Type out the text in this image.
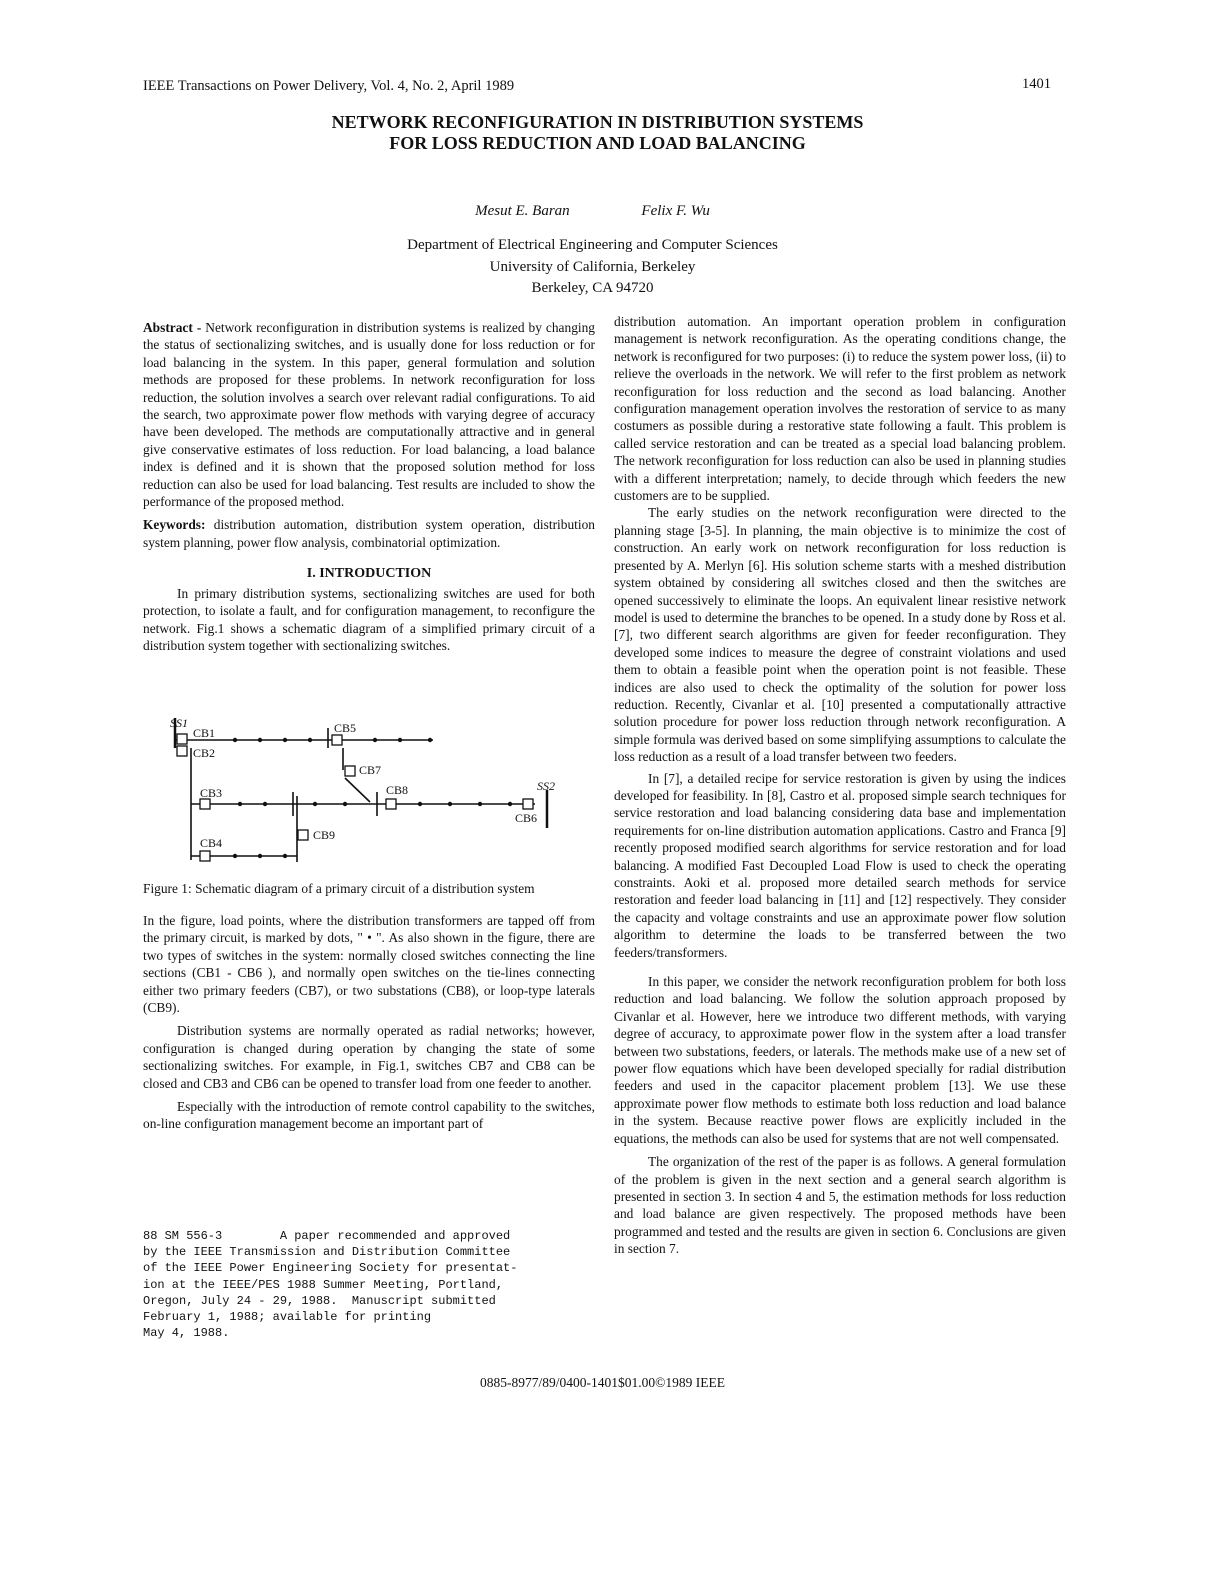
IEEE Transactions on Power Delivery, Vol. 4, No. 2, April 1989	1401
NETWORK RECONFIGURATION IN DISTRIBUTION SYSTEMS
FOR LOSS REDUCTION AND LOAD BALANCING
Mesut E. Baran	Felix F. Wu
Department of Electrical Engineering and Computer Sciences
University of California, Berkeley
Berkeley, CA 94720

Abstract - Network reconfiguration in distribution systems is realized by changing the status of sectionalizing switches, and is usually done for loss reduction or for load balancing in the system. In this paper, general formulation and solution methods are proposed for these problems. In network reconfiguration for loss reduction, the solution involves a search over relevant radial configurations. To aid the search, two approximate power flow methods with varying degree of accuracy have been developed. The methods are computationally attractive and in general give conservative estimates of loss reduction. For load balancing, a load balance index is defined and it is shown that the proposed solution method for loss reduction can also be used for load balancing. Test results are included to show the performance of the proposed method.

Keywords: distribution automation, distribution system operation, distribution system planning, power flow analysis, combinatorial optimization.

I. INTRODUCTION

In primary distribution systems, sectionalizing switches are used for both protection, to isolate a fault, and for configuration management, to reconfigure the network. Fig.1 shows a schematic diagram of a simplified primary circuit of a distribution system together with sectionalizing switches.

SS1
CB1
CB2
CB3
CB4
CB5
CB7
CB8	SS2
CB6
CB9
Figure 1: Schematic diagram of a primary circuit of a distribution system

In the figure, load points, where the distribution transformers are tapped off from the primary circuit, is marked by dots, " • ". As also shown in the figure, there are two types of switches in the system: normally closed switches connecting the line sections (CB1 - CB6 ), and normally open switches on the tie-lines connecting either two primary feeders (CB7), or two substations (CB8), or loop-type laterals (CB9).

Distribution systems are normally operated as radial networks; however, configuration is changed during operation by changing the state of some sectionalizing switches. For example, in Fig.1, switches CB7 and CB8 can be closed and CB3 and CB6 can be opened to transfer load from one feeder to another.

Especially with the introduction of remote control capability to the switches, on-line configuration management become an important part of

88 SM 556-3        A paper recommended and approved
by the IEEE Transmission and Distribution Committee
of the IEEE Power Engineering Society for presentat-
ion at the IEEE/PES 1988 Summer Meeting, Portland,
Oregon, July 24 - 29, 1988.  Manuscript submitted
February 1, 1988; available for printing
May 4, 1988.

distribution automation. An important operation problem in configuration management is network reconfiguration. As the operating conditions change, the network is reconfigured for two purposes: (i) to reduce the system power loss, (ii) to relieve the overloads in the network. We will refer to the first problem as network reconfiguration for loss reduction and the second as load balancing. Another configuration management operation involves the restoration of service to as many costumers as possible during a restorative state following a fault. This problem is called service restoration and can be treated as a special load balancing problem. The network reconfiguration for loss reduction can also be used in planning studies with a different interpretation; namely, to decide through which feeders the new customers are to be supplied.

The early studies on the network reconfiguration were directed to the planning stage [3-5]. In planning, the main objective is to minimize the cost of construction. An early work on network reconfiguration for loss reduction is presented by A. Merlyn [6]. His solution scheme starts with a meshed distribution system obtained by considering all switches closed and then the switches are opened successively to eliminate the loops. An equivalent linear resistive network model is used to determine the branches to be opened. In a study done by Ross et al. [7], two different search algorithms are given for feeder reconfiguration. They developed some indices to measure the degree of constraint violations and used them to obtain a feasible point when the operation point is not feasible. These indices are also used to check the optimality of the solution for power loss reduction. Recently, Civanlar et al. [10] presented a computationally attractive solution procedure for power loss reduction through network reconfiguration. A simple formula was derived based on some simplifying assumptions to calculate the loss reduction as a result of a load transfer between two feeders.

In [7], a detailed recipe for service restoration is given by using the indices developed for feasibility. In [8], Castro et al. proposed simple search techniques for service restoration and load balancing considering data base and implementation requirements for on-line distribution automation applications. Castro and Franca [9] recently proposed modified search algorithms for service restoration and for load balancing. A modified Fast Decoupled Load Flow is used to check the operating constraints. Aoki et al. proposed more detailed search methods for service restoration and feeder load balancing in [11] and [12] respectively. They consider the capacity and voltage constraints and use an approximate power flow solution algorithm to determine the loads to be transferred between the two feeders/transformers.

In this paper, we consider the network reconfiguration problem for both loss reduction and load balancing. We follow the solution approach proposed by Civanlar et al. However, here we introduce two different methods, with varying degree of accuracy, to approximate power flow in the system after a load transfer between two substations, feeders, or laterals. The methods make use of a new set of power flow equations which have been developed specially for radial distribution feeders and used in the capacitor placement problem [13]. We use these approximate power flow methods to estimate both loss reduction and load balance in the system. Because reactive power flows are explicitly included in the equations, the methods can also be used for systems that are not well compensated.

The organization of the rest of the paper is as follows. A general formulation of the problem is given in the next section and a general search algorithm is presented in section 3. In section 4 and 5, the estimation methods for loss reduction and load balance are given respectively. The proposed methods have been programmed and tested and the results are given in section 6. Conclusions are given in section 7.

0885-8977/89/0400-1401$01.00©1989 IEEE
